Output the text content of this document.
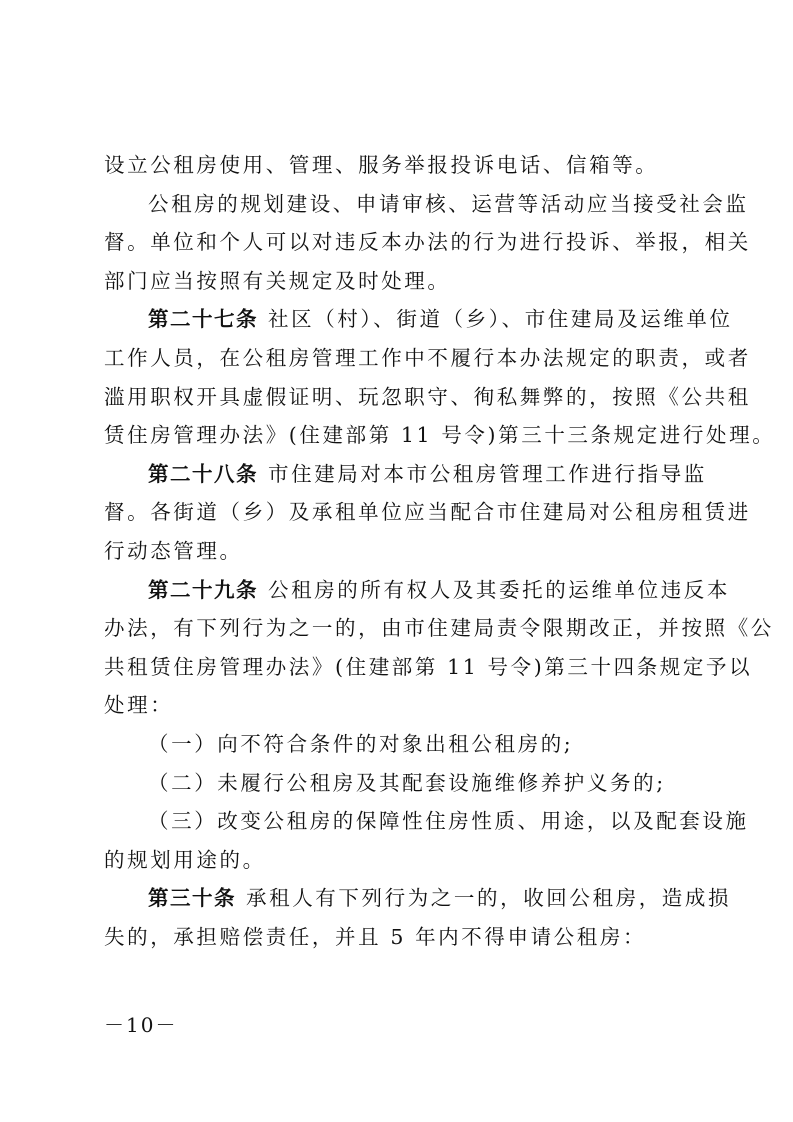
设立公租房使用、管理、服务举报投诉电话、信箱等。
公租房的规划建设、申请审核、运营等活动应当接受社会监
督。单位和个人可以对违反本办法的行为进行投诉、举报，相关
部门应当按照有关规定及时处理。
第二十七条 社区（村）、街道（乡）、市住建局及运维单位
工作人员，在公租房管理工作中不履行本办法规定的职责，或者
滥用职权开具虚假证明、玩忽职守、徇私舞弊的，按照《公共租
赁住房管理办法》(住建部第 11 号令)第三十三条规定进行处理。
第二十八条 市住建局对本市公租房管理工作进行指导监
督。各街道（乡）及承租单位应当配合市住建局对公租房租赁进
行动态管理。
第二十九条 公租房的所有权人及其委托的运维单位违反本
办法，有下列行为之一的，由市住建局责令限期改正，并按照《公
共租赁住房管理办法》(住建部第 11 号令)第三十四条规定予以
处理：
（一）向不符合条件的对象出租公租房的;
（二）未履行公租房及其配套设施维修养护义务的;
（三）改变公租房的保障性住房性质、用途，以及配套设施
的规划用途的。
第三十条 承租人有下列行为之一的，收回公租房，造成损
失的，承担赔偿责任，并且 5 年内不得申请公租房：
－10－
